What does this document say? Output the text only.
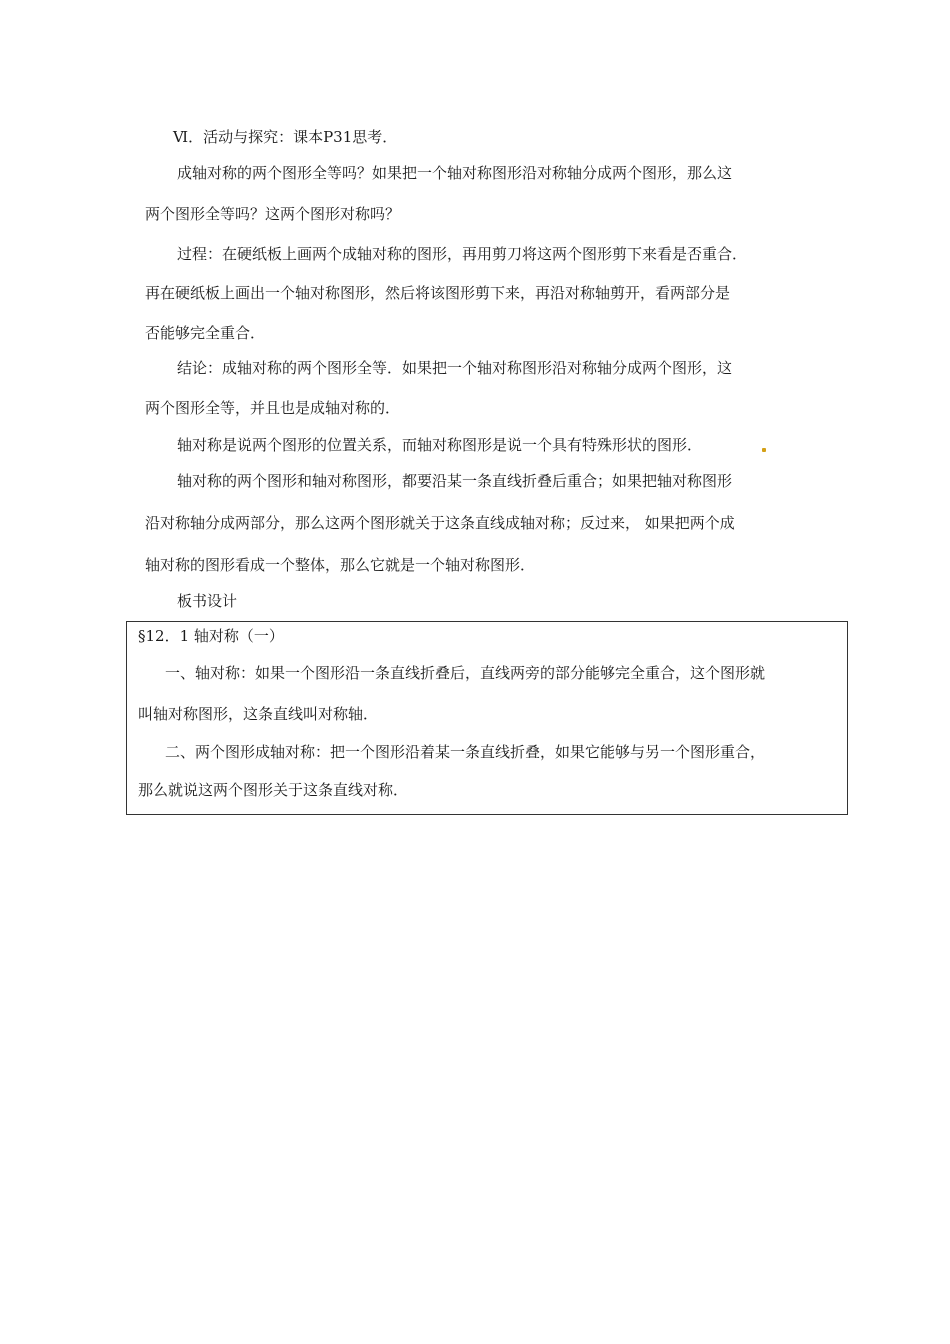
Ⅵ．活动与探究：课本P31思考．
成轴对称的两个图形全等吗？如果把一个轴对称图形沿对称轴分成两个图形，那么这
两个图形全等吗？这两个图形对称吗？
过程：在硬纸板上画两个成轴对称的图形，再用剪刀将这两个图形剪下来看是否重合．
再在硬纸板上画出一个轴对称图形，然后将该图形剪下来，再沿对称轴剪开，看两部分是
否能够完全重合．
结论：成轴对称的两个图形全等．如果把一个轴对称图形沿对称轴分成两个图形，这
两个图形全等，并且也是成轴对称的．
轴对称是说两个图形的位置关系，而轴对称图形是说一个具有特殊形状的图形．
轴对称的两个图形和轴对称图形，都要沿某一条直线折叠后重合；如果把轴对称图形
沿对称轴分成两部分，那么这两个图形就关于这条直线成轴对称；反过来， 如果把两个成
轴对称的图形看成一个整体，那么它就是一个轴对称图形．
板书设计
§12．1 轴对称（一）
一、轴对称：如果一个图形沿一条直线折叠后，直线两旁的部分能够完全重合，这个图形就
叫轴对称图形，这条直线叫对称轴．
二、两个图形成轴对称：把一个图形沿着某一条直线折叠，如果它能够与另一个图形重合，
那么就说这两个图形关于这条直线对称．
